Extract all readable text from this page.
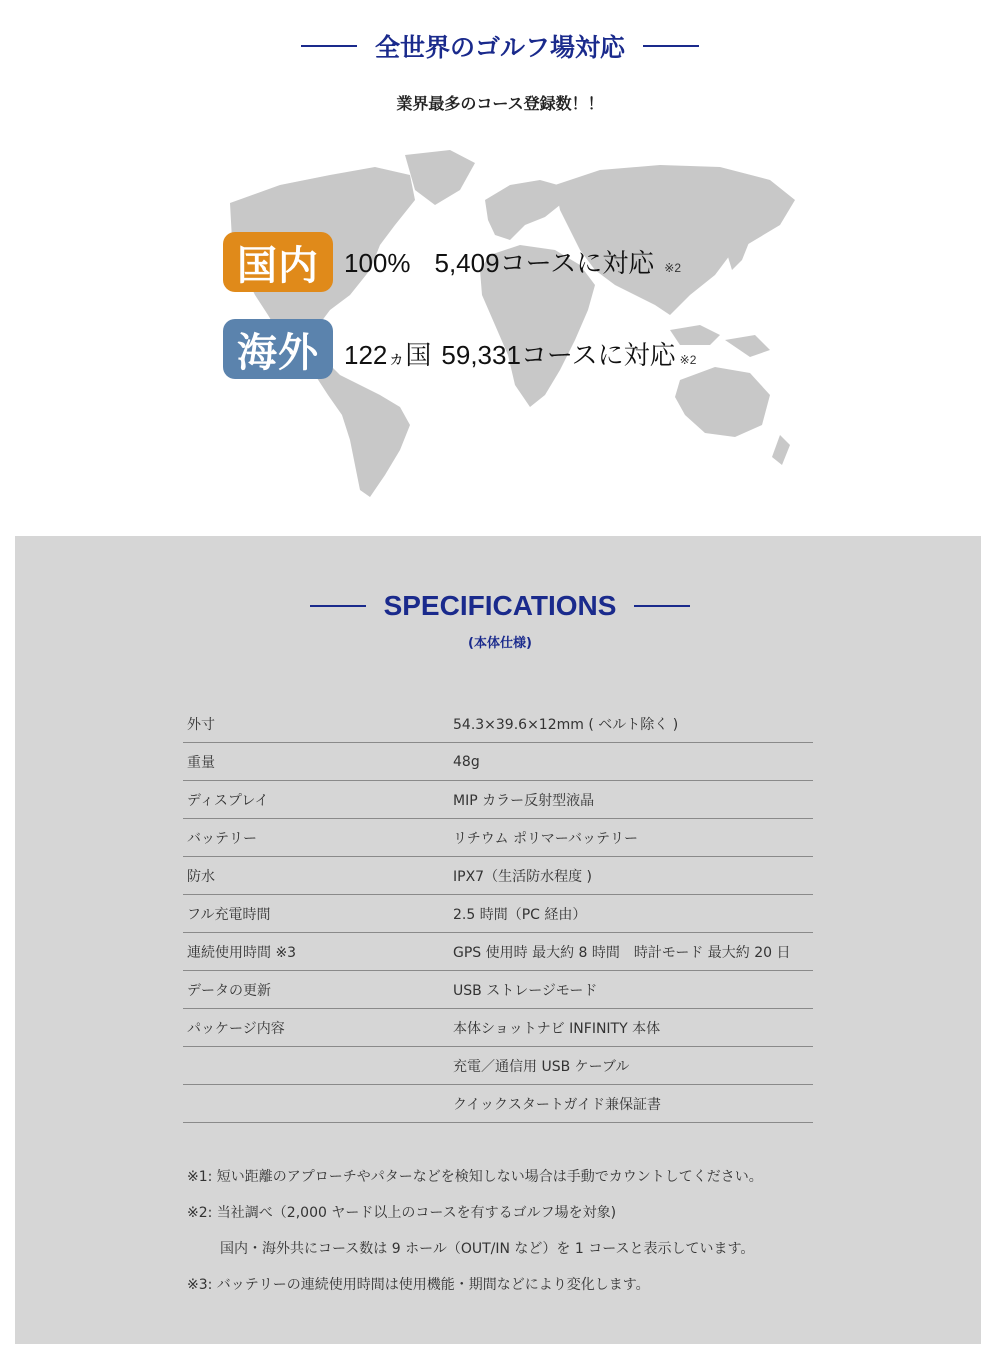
全世界のゴルフ場対応
業界最多のコース登録数！！
国内 100% 5,409コースに対応 ※2
海外 122 ヵ 国 59,331コースに対応 ※2
SPECIFICATIONS
(本体仕様)
外寸	54.3×39.6×12mm ( ベルト除く )
重量	48g
ディスプレイ	MIP カラー反射型液晶
バッテリー	リチウム ポリマーバッテリー
防水	IPX7（生活防水程度 )
フル充電時間	2.5 時間（PC 経由）
連続使用時間 ※3	GPS 使用時 最大約 8 時間　時計モード 最大約 20 日
データの更新	USB ストレージモード
パッケージ内容	本体ショットナビ INFINITY 本体
充電／通信用 USB ケーブル
クイックスタートガイド兼保証書
※1: 短い距離のアプローチやパターなどを検知しない場合は手動でカウントしてください。
※2: 当社調べ（2,000 ヤード以上のコースを有するゴルフ場を対象)
国内・海外共にコース数は 9 ホール（OUT/IN など）を 1 コースと表示しています。
※3: バッテリーの連続使用時間は使用機能・期間などにより変化します。
